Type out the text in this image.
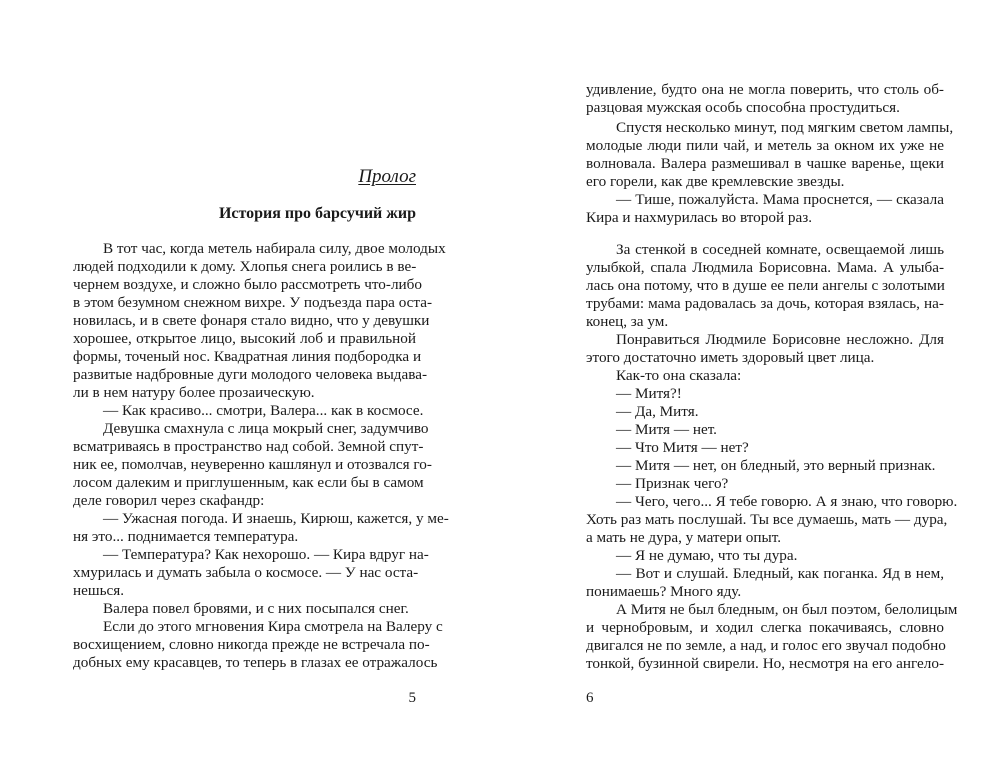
Пролог
История про барсучий жир
В тот час, когда метель набирала силу, двое молодых
людей подходили к дому. Хлопья снега роились в ве-
чернем воздухе, и сложно было рассмотреть что-либо
в этом безумном снежном вихре. У подъезда пара оста-
новилась, и в свете фонаря стало видно, что у девушки
хорошее, открытое лицо, высокий лоб и правильной
формы, точеный нос. Квадратная линия подбородка и
развитые надбровные дуги молодого человека выдава-
ли в нем натуру более прозаическую.
— Как красиво... смотри, Валера... как в космосе.
Девушка смахнула с лица мокрый снег, задумчиво
всматриваясь в пространство над собой. Земной спут-
ник ее, помолчав, неуверенно кашлянул и отозвался го-
лосом далеким и приглушенным, как если бы в самом
деле говорил через скафандр:
— Ужасная погода. И знаешь, Кирюш, кажется, у ме-
ня это... поднимается температура.
— Температура? Как нехорошо. — Кира вдруг на-
хмурилась и думать забыла о космосе. — У нас оста-
нешься.
Валера повел бровями, и с них посыпался снег.
Если до этого мгновения Кира смотрела на Валеру с
восхищением, словно никогда прежде не встречала по-
добных ему красавцев, то теперь в глазах ее отражалось
5
удивление, будто она не могла поверить, что столь об-
разцовая мужская особь способна простудиться.
Спустя несколько минут, под мягким светом лампы,
молодые люди пили чай, и метель за окном их уже не
волновала. Валера размешивал в чашке варенье, щеки
его горели, как две кремлевские звезды.
— Тише, пожалуйста. Мама проснется, — сказала
Кира и нахмурилась во второй раз.
За стенкой в соседней комнате, освещаемой лишь
улыбкой, спала Людмила Борисовна. Мама. А улыба-
лась она потому, что в душе ее пели ангелы с золотыми
трубами: мама радовалась за дочь, которая взялась, на-
конец, за ум.
Понравиться Людмиле Борисовне несложно. Для
этого достаточно иметь здоровый цвет лица.
Как-то она сказала:
— Митя?!
— Да, Митя.
— Митя — нет.
— Что Митя — нет?
— Митя — нет, он бледный, это верный признак.
— Признак чего?
— Чего, чего... Я тебе говорю. А я знаю, что говорю.
Хоть раз мать послушай. Ты все думаешь, мать — дура,
а мать не дура, у матери опыт.
— Я не думаю, что ты дура.
— Вот и слушай. Бледный, как поганка. Яд в нем,
понимаешь? Много яду.
А Митя не был бледным, он был поэтом, белолицым
и чернобровым, и ходил слегка покачиваясь, словно
двигался не по земле, а над, и голос его звучал подобно
тонкой, бузинной свирели. Но, несмотря на его ангело-
6
